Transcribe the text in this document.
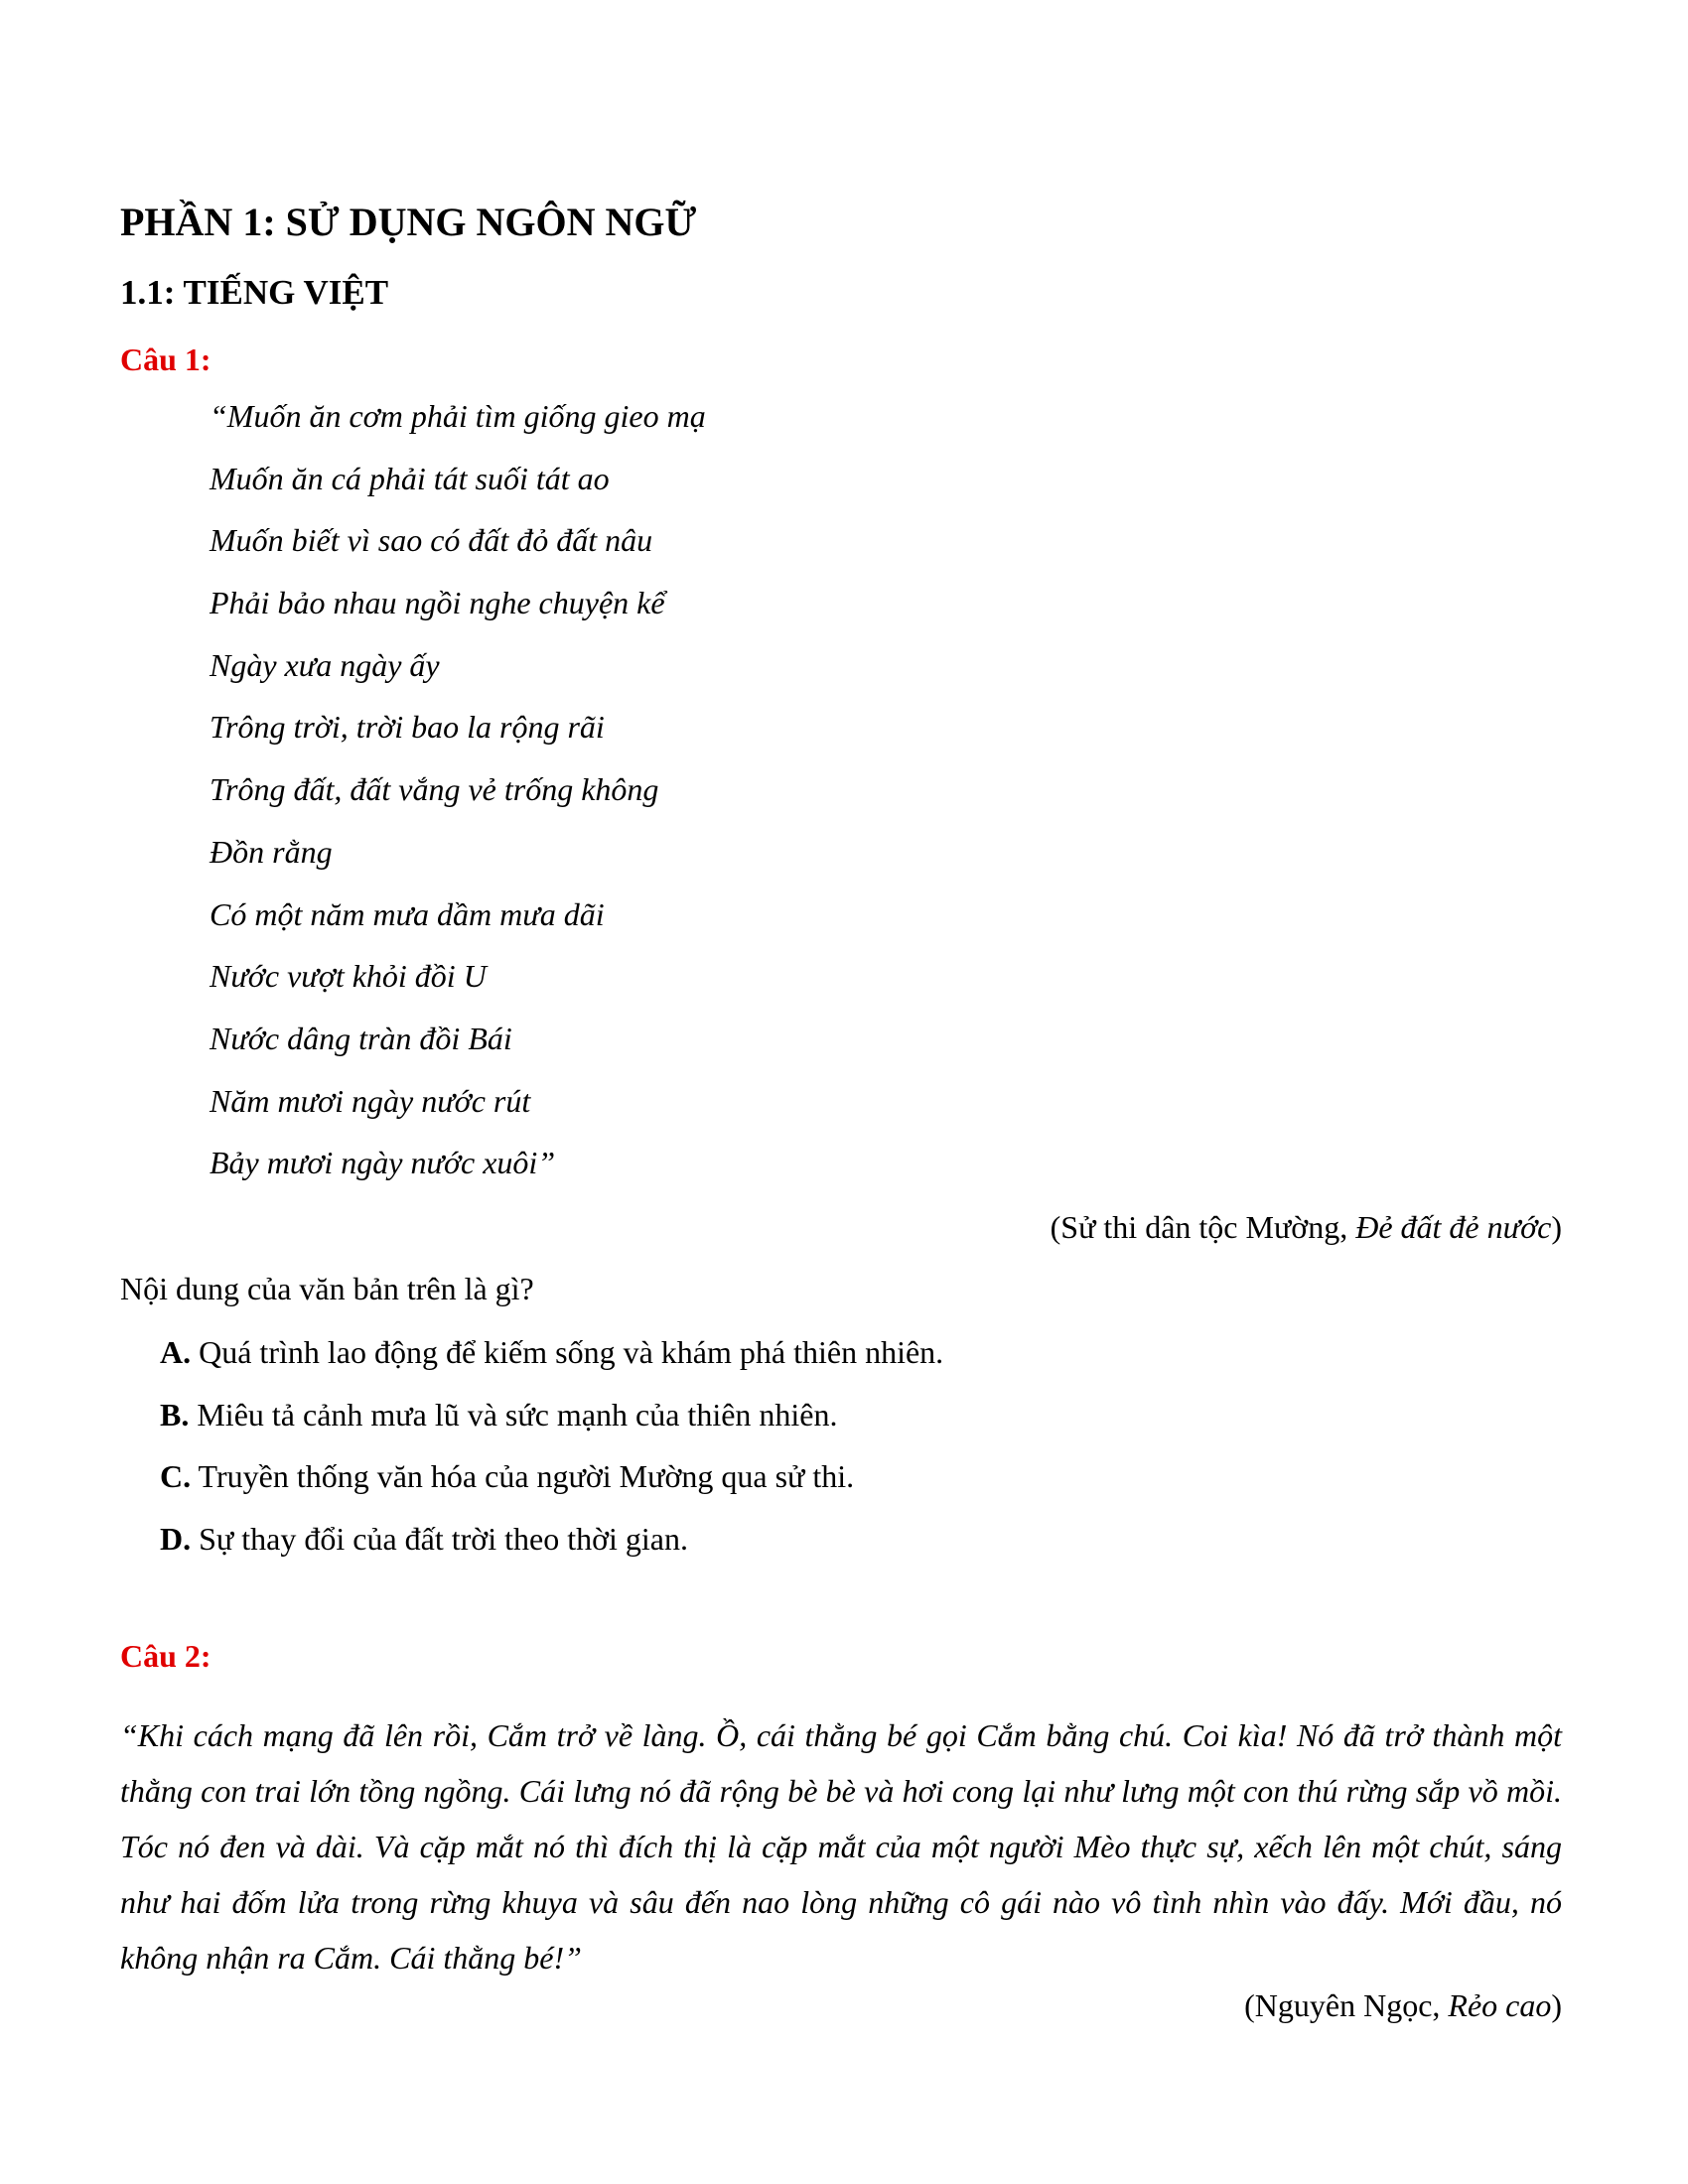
PHẦN 1: SỬ DỤNG NGÔN NGỮ
1.1: TIẾNG VIỆT
Câu 1:
“Muốn ăn cơm phải tìm giống gieo mạ
Muốn ăn cá phải tát suối tát ao
Muốn biết vì sao có đất đỏ đất nâu
Phải bảo nhau ngồi nghe chuyện kể
Ngày xưa ngày ấy
Trông trời, trời bao la rộng rãi
Trông đất, đất vắng vẻ trống không
Đồn rằng
Có một năm mưa dầm mưa dãi
Nước vượt khỏi đồi U
Nước dâng tràn đồi Bái
Năm mươi ngày nước rút
Bảy mươi ngày nước xuôi”
(Sử thi dân tộc Mường, Đẻ đất đẻ nước)
Nội dung của văn bản trên là gì?
A. Quá trình lao động để kiếm sống và khám phá thiên nhiên.
B. Miêu tả cảnh mưa lũ và sức mạnh của thiên nhiên.
C. Truyền thống văn hóa của người Mường qua sử thi.
D. Sự thay đổi của đất trời theo thời gian.
Câu 2:
“Khi cách mạng đã lên rồi, Cắm trở về làng. Ồ, cái thằng bé gọi Cắm bằng chú. Coi kìa! Nó đã trở thành một thằng con trai lớn tồng ngồng. Cái lưng nó đã rộng bè bè và hơi cong lại như lưng một con thú rừng sắp vồ mồi. Tóc nó đen và dài. Và cặp mắt nó thì đích thị là cặp mắt của một người Mèo thực sự, xếch lên một chút, sáng như hai đốm lửa trong rừng khuya và sâu đến nao lòng những cô gái nào vô tình nhìn vào đấy. Mới đầu, nó không nhận ra Cắm. Cái thằng bé!”
(Nguyên Ngọc, Rẻo cao)
